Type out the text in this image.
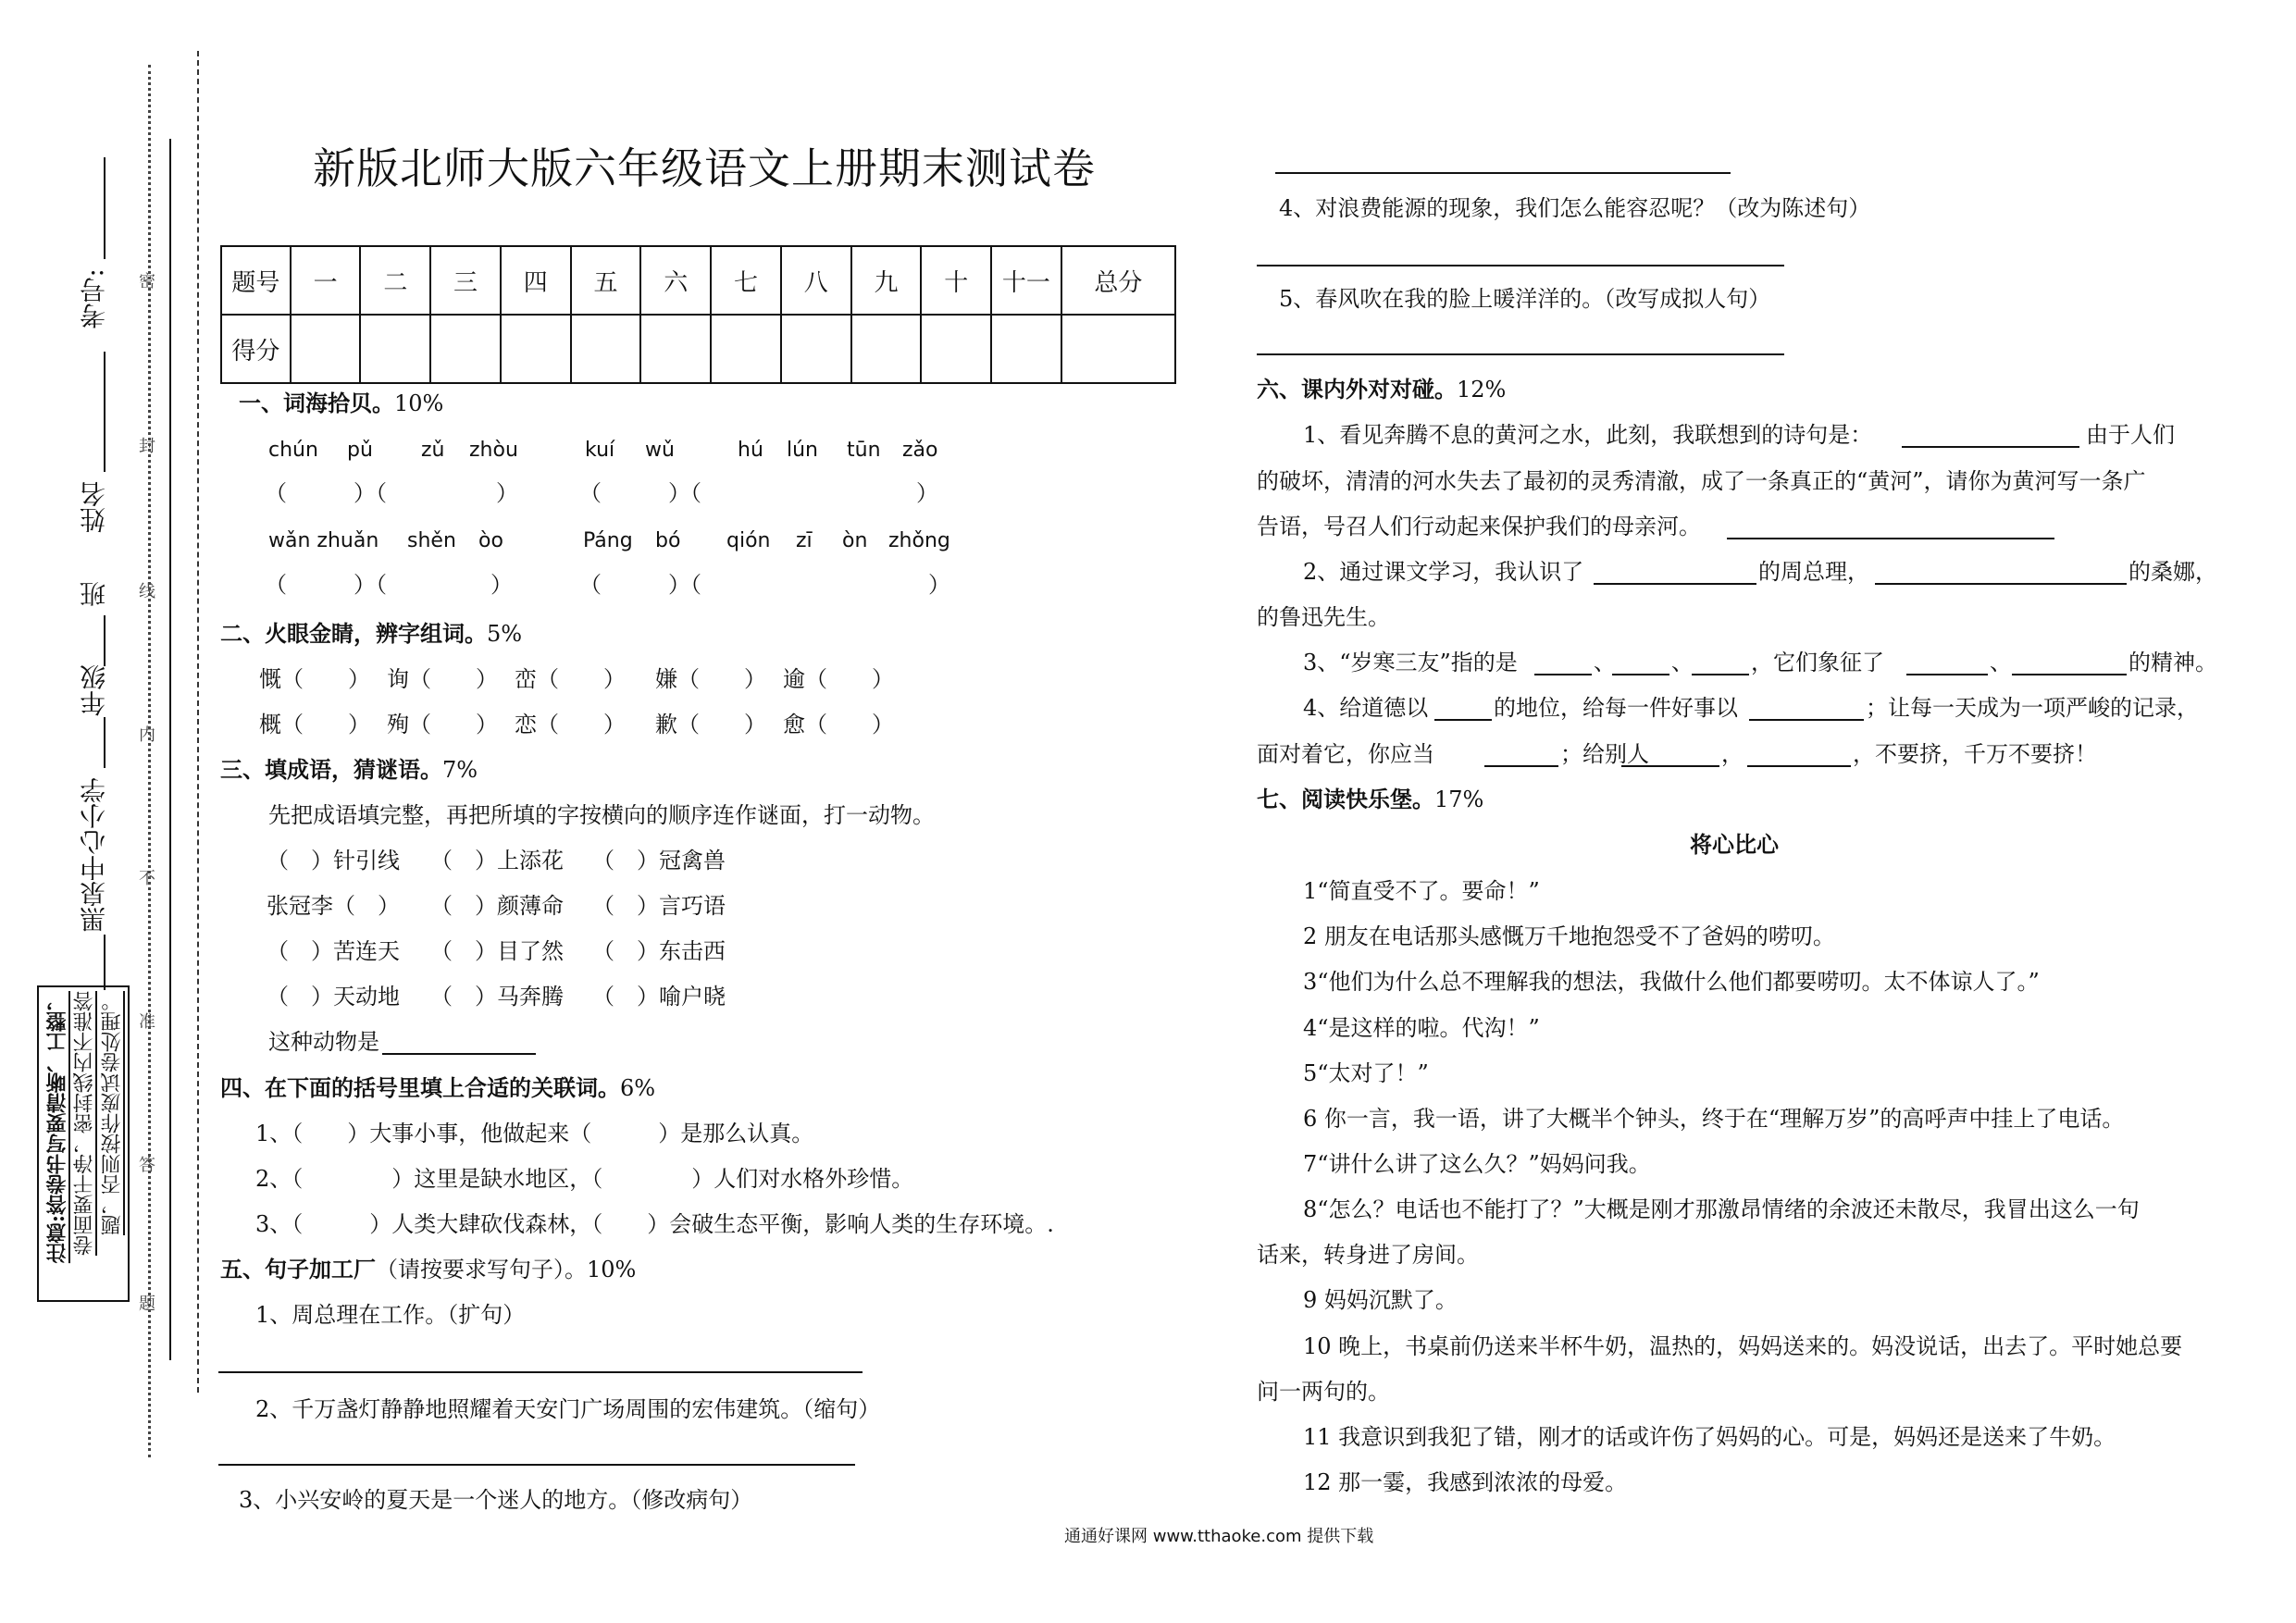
密
封
线
内
不
准
答
题
考号:
姓名
班
年级
黑泉中心小学
注意:答卷书写要清晰、工整， 卷面要干净，密封线内不准答 题，否则按作废试卷处理。
新版北师大版六年级语文上册期末测试卷
题号	一	二	三	四	五	六	七	八	九	十	十一	总分
得分												
一、词海拾贝。10%
chún pǔ zǔ zhòu	kuí wǔ	hú lún tūn zǎo
（	）（	）	（	）（	）
wǎn zhuǎn shěn òo	Páng bó qión zī òn zhǒng
（	）（	）	（	）（	）
二、火眼金睛，辨字组词。5%
慨（　　） 询（　　） 峦（　　） 嫌（　　） 逾（　　）
概（　　） 殉（　　） 恋（　　） 歉（　　） 愈（　　）
三、填成语，猜谜语。7%
先把成语填完整，再把所填的字按横向的顺序连作谜面，打一动物。
（　）针引线 （　）上添花 （　）冠禽兽
张冠李（　） （　）颜薄命 （　）言巧语
（　）苦连天 （　）目了然 （　）东击西
（　）天动地 （　）马奔腾 （　）喻户晓
这种动物是
四、在下面的括号里填上合适的关联词。6%
1、（　　）大事小事，他做起来（　　　）是那么认真。
2、（　　　　）这里是缺水地区，（　　　　）人们对水格外珍惜。
3、（　　　）人类大肆砍伐森林，（　　）会破生态平衡，影响人类的生存环境。.
五、句子加工厂（请按要求写句子）。10%
1、周总理在工作。（扩句）
2、千万盏灯静静地照耀着天安门广场周围的宏伟建筑。（缩句）
3、小兴安岭的夏天是一个迷人的地方。（修改病句）
4、对浪费能源的现象，我们怎么能容忍呢？（改为陈述句）
5、春风吹在我的脸上暖洋洋的。（改写成拟人句）
六、课内外对对碰。12%
1、看见奔腾不息的黄河之水，此刻，我联想到的诗句是：	由于人们
的破坏，清清的河水失去了最初的灵秀清澈，成了一条真正的“黄河”，请你为黄河写一条广
告语，号召人们行动起来保护我们的母亲河。
2、通过课文学习，我认识了	的周总理，	的桑娜，
的鲁迅先生。
3、“岁寒三友”指的是	、	、	，它们象征了	、	的精神。
4、给道德以	的地位，给每一件好事以	；让每一天成为一项严峻的记录，
面对着它，你应当	；给别人	，	，不要挤，千万不要挤！
七、阅读快乐堡。17%
将心比心
1“简直受不了。要命！”
2 朋友在电话那头感慨万千地抱怨受不了爸妈的唠叨。
3“他们为什么总不理解我的想法，我做什么他们都要唠叨。太不体谅人了。”
4“是这样的啦。代沟！”
5“太对了！”
6 你一言，我一语，讲了大概半个钟头，终于在“理解万岁”的高呼声中挂上了电话。
7“讲什么讲了这么久？”妈妈问我。
8“怎么？电话也不能打了？”大概是刚才那激昂情绪的余波还未散尽，我冒出这么一句
话来，转身进了房间。
9 妈妈沉默了。
10 晚上，书桌前仍送来半杯牛奶，温热的，妈妈送来的。妈没说话，出去了。平时她总要
问一两句的。
11 我意识到我犯了错，刚才的话或许伤了妈妈的心。可是，妈妈还是送来了牛奶。
12 那一霎，我感到浓浓的母爱。
通通好课网 www.tthaoke.com 提供下载
